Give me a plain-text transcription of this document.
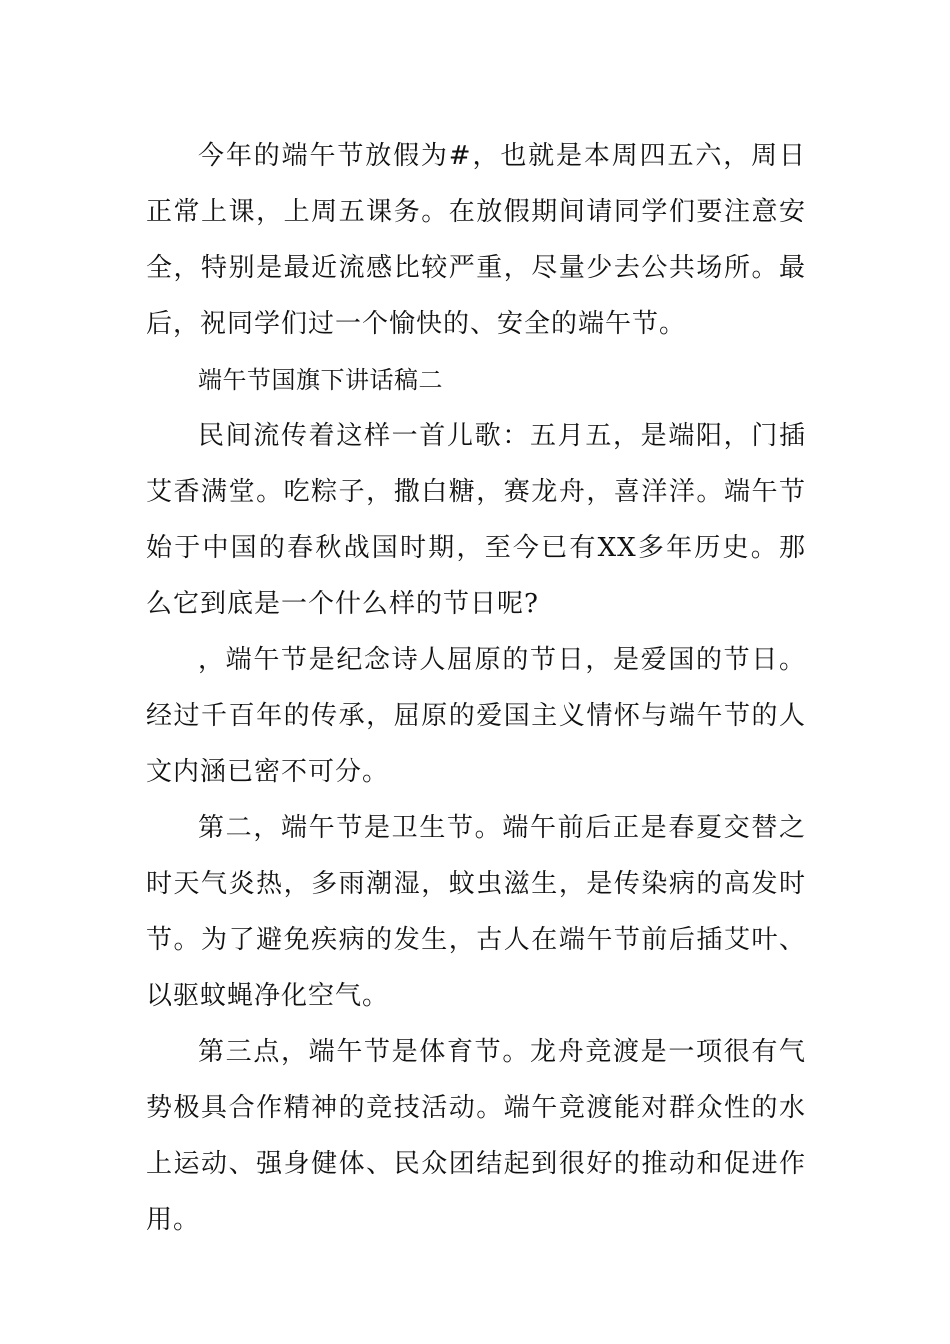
今年的端午节放假为#，也就是本周四五六，周日正常上课，上周五课务。在放假期间请同学们要注意安全，特别是最近流感比较严重，尽量少去公共场所。最后，祝同学们过一个愉快的、安全的端午节。

端午节国旗下讲话稿二

民间流传着这样一首儿歌：五月五，是端阳，门插艾香满堂。吃粽子，撒白糖，赛龙舟，喜洋洋。端午节始于中国的春秋战国时期，至今已有XX多年历史。那么它到底是一个什么样的节日呢?

，端午节是纪念诗人屈原的节日，是爱国的节日。经过千百年的传承，屈原的爱国主义情怀与端午节的人文内涵已密不可分。

第二，端午节是卫生节。端午前后正是春夏交替之时天气炎热，多雨潮湿，蚊虫滋生，是传染病的高发时节。为了避免疾病的发生，古人在端午节前后插艾叶、以驱蚊蝇净化空气。

第三点，端午节是体育节。龙舟竞渡是一项很有气势极具合作精神的竞技活动。端午竞渡能对群众性的水上运动、强身健体、民众团结起到很好的推动和促进作用。
